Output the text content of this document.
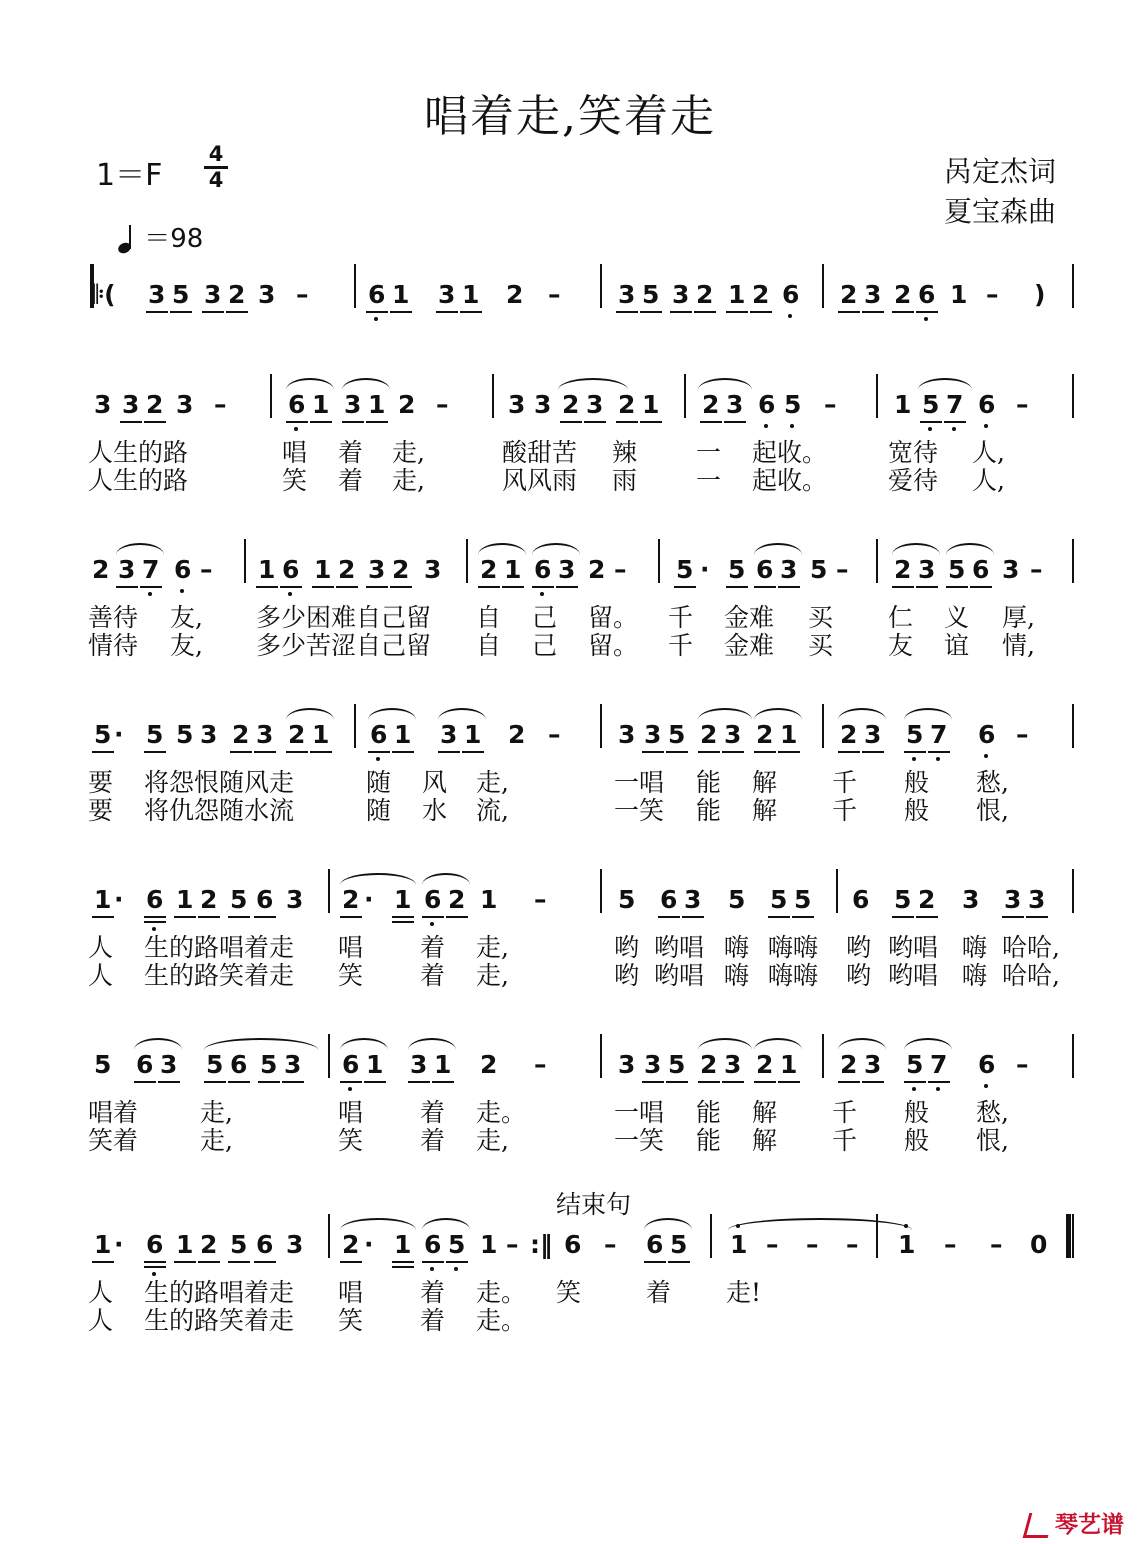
唱着走,笑着走
1＝F
4
4
＝98
呙定杰词
夏宝森曲
𝄆( 3 5 3 2 3 – 6 1 3 1 2 – 3 5 3 2 1 2 6 2 3 2 6 1 – )
3 3 2 3 – 6 1 3 1 2 – 3 3 2 3 2 1 2 3 6 5 – 1 5 7 6 –
人生的路	唱 着 走,	酸甜苦 辣 一 起收。 宽待 人,
人生的路	笑 着 走,	风风雨 雨 一 起收。 爱待 人,
2 3 7 6 – 1 6 1 2 3 2 3 2 1 6 3 2 – 5 · 5 6 3 5 – 2 3 5 6 3 –
善待 友, 多少困难自己留 自 己 留。 千 金难 买 仁 义 厚,
情待 友, 多少苦涩自己留 自 己 留。 千 金难 买 友 谊 情,
5 · 5 5 3 2 3 2 1 6 1 3 1 2 – 3 3 5 2 3 2 1 2 3 5 7 6 –
要 将怨恨随风走	随 风 走,	一唱 能 解 千 般 愁,
要 将仇怨随水流	随 水 流,	一笑 能 解 千 般 恨,
1 · 6 1 2 5 6 3 2 · 1 6 2 1 –	5 6 3 5 5 5 6 5 2 3 3 3
人 生的路唱着走 唱 着 走,	哟 哟唱 嗨 嗨嗨 哟 哟唱 嗨 哈哈,
人 生的路笑着走 笑 着 走,	哟 哟唱 嗨 嗨嗨 哟 哟唱 嗨 哈哈,
5 6 3 5 6 5 3 6 1 3 1 2 –	3 3 5 2 3 2 1 2 3 5 7 6 –
唱着 走,	唱 着 走。	一唱 能 解 千 般 愁,
笑着 走,	笑 着 走,	一笑 能 解 千 般 恨,
1 · 6 1 2 5 6 3 2 · 1 6 5 1 – :‖ 6 – 6 5 1 – – – 1 – – 0
人 生的路唱着走 唱 着 走。 笑	着 走!
人 生的路笑着走 笑 着 走。
结束句
琴艺谱
